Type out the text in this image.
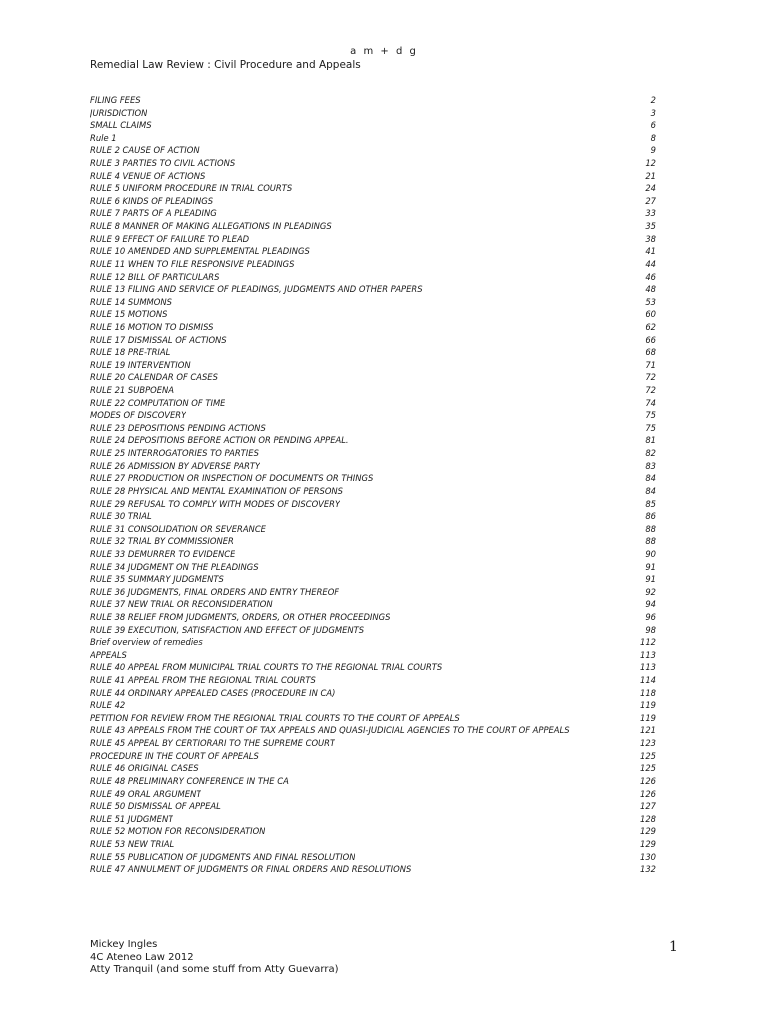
a m + d g
Remedial Law Review : Civil Procedure and Appeals
FILING FEES	2
JURISDICTION	3
SMALL CLAIMS	6
Rule 1	8
RULE 2 CAUSE OF ACTION	9
RULE 3 PARTIES TO CIVIL ACTIONS	12
RULE 4 VENUE OF ACTIONS	21
RULE 5 UNIFORM PROCEDURE IN TRIAL COURTS	24
RULE 6 KINDS OF PLEADINGS	27
RULE 7 PARTS OF A PLEADING	33
RULE 8 MANNER OF MAKING ALLEGATIONS IN PLEADINGS	35
RULE 9 EFFECT OF FAILURE TO PLEAD	38
RULE 10 AMENDED AND SUPPLEMENTAL PLEADINGS	41
RULE 11 WHEN TO FILE RESPONSIVE PLEADINGS	44
RULE 12 BILL OF PARTICULARS	46
RULE 13 FILING AND SERVICE OF PLEADINGS, JUDGMENTS AND OTHER PAPERS	48
RULE 14 SUMMONS	53
RULE 15 MOTIONS	60
RULE 16 MOTION TO DISMISS	62
RULE 17 DISMISSAL OF ACTIONS	66
RULE 18 PRE-TRIAL	68
RULE 19 INTERVENTION	71
RULE 20 CALENDAR OF CASES	72
RULE 21 SUBPOENA	72
RULE 22 COMPUTATION OF TIME	74
MODES OF DISCOVERY	75
RULE 23 DEPOSITIONS PENDING ACTIONS	75
RULE 24 DEPOSITIONS BEFORE ACTION OR PENDING APPEAL.	81
RULE 25 INTERROGATORIES TO PARTIES	82
RULE 26 ADMISSION BY ADVERSE PARTY	83
RULE 27 PRODUCTION OR INSPECTION OF DOCUMENTS OR THINGS	84
RULE 28 PHYSICAL AND MENTAL EXAMINATION OF PERSONS	84
RULE 29 REFUSAL TO COMPLY WITH MODES OF DISCOVERY	85
RULE 30 TRIAL	86
RULE 31 CONSOLIDATION OR SEVERANCE	88
RULE 32 TRIAL BY COMMISSIONER	88
RULE 33 DEMURRER TO EVIDENCE	90
RULE 34 JUDGMENT ON THE PLEADINGS	91
RULE 35 SUMMARY JUDGMENTS	91
RULE 36 JUDGMENTS, FINAL ORDERS AND ENTRY THEREOF	92
RULE 37 NEW TRIAL OR RECONSIDERATION	94
RULE 38 RELIEF FROM JUDGMENTS, ORDERS, OR OTHER PROCEEDINGS	96
RULE 39 EXECUTION, SATISFACTION AND EFFECT OF JUDGMENTS	98
Brief overview of remedies	112
APPEALS	113
RULE 40 APPEAL FROM MUNICIPAL TRIAL COURTS TO THE REGIONAL TRIAL COURTS	113
RULE 41 APPEAL FROM THE REGIONAL TRIAL COURTS	114
RULE 44 ORDINARY APPEALED CASES (PROCEDURE IN CA)	118
RULE 42	119
PETITION FOR REVIEW FROM THE REGIONAL TRIAL COURTS TO THE COURT OF APPEALS	119
RULE 43 APPEALS FROM THE COURT OF TAX APPEALS AND QUASI-JUDICIAL AGENCIES TO THE COURT OF APPEALS	121
RULE 45 APPEAL BY CERTIORARI TO THE SUPREME COURT	123
PROCEDURE IN THE COURT OF APPEALS	125
RULE 46 ORIGINAL CASES	125
RULE 48 PRELIMINARY CONFERENCE IN THE CA	126
RULE 49 ORAL ARGUMENT	126
RULE 50 DISMISSAL OF APPEAL	127
RULE 51 JUDGMENT	128
RULE 52 MOTION FOR RECONSIDERATION	129
RULE 53 NEW TRIAL	129
RULE 55 PUBLICATION OF JUDGMENTS AND FINAL RESOLUTION	130
RULE 47 ANNULMENT OF JUDGMENTS OR FINAL ORDERS AND RESOLUTIONS	132
Mickey Ingles
4C Ateneo Law 2012
Atty Tranquil (and some stuff from Atty Guevarra)
1
